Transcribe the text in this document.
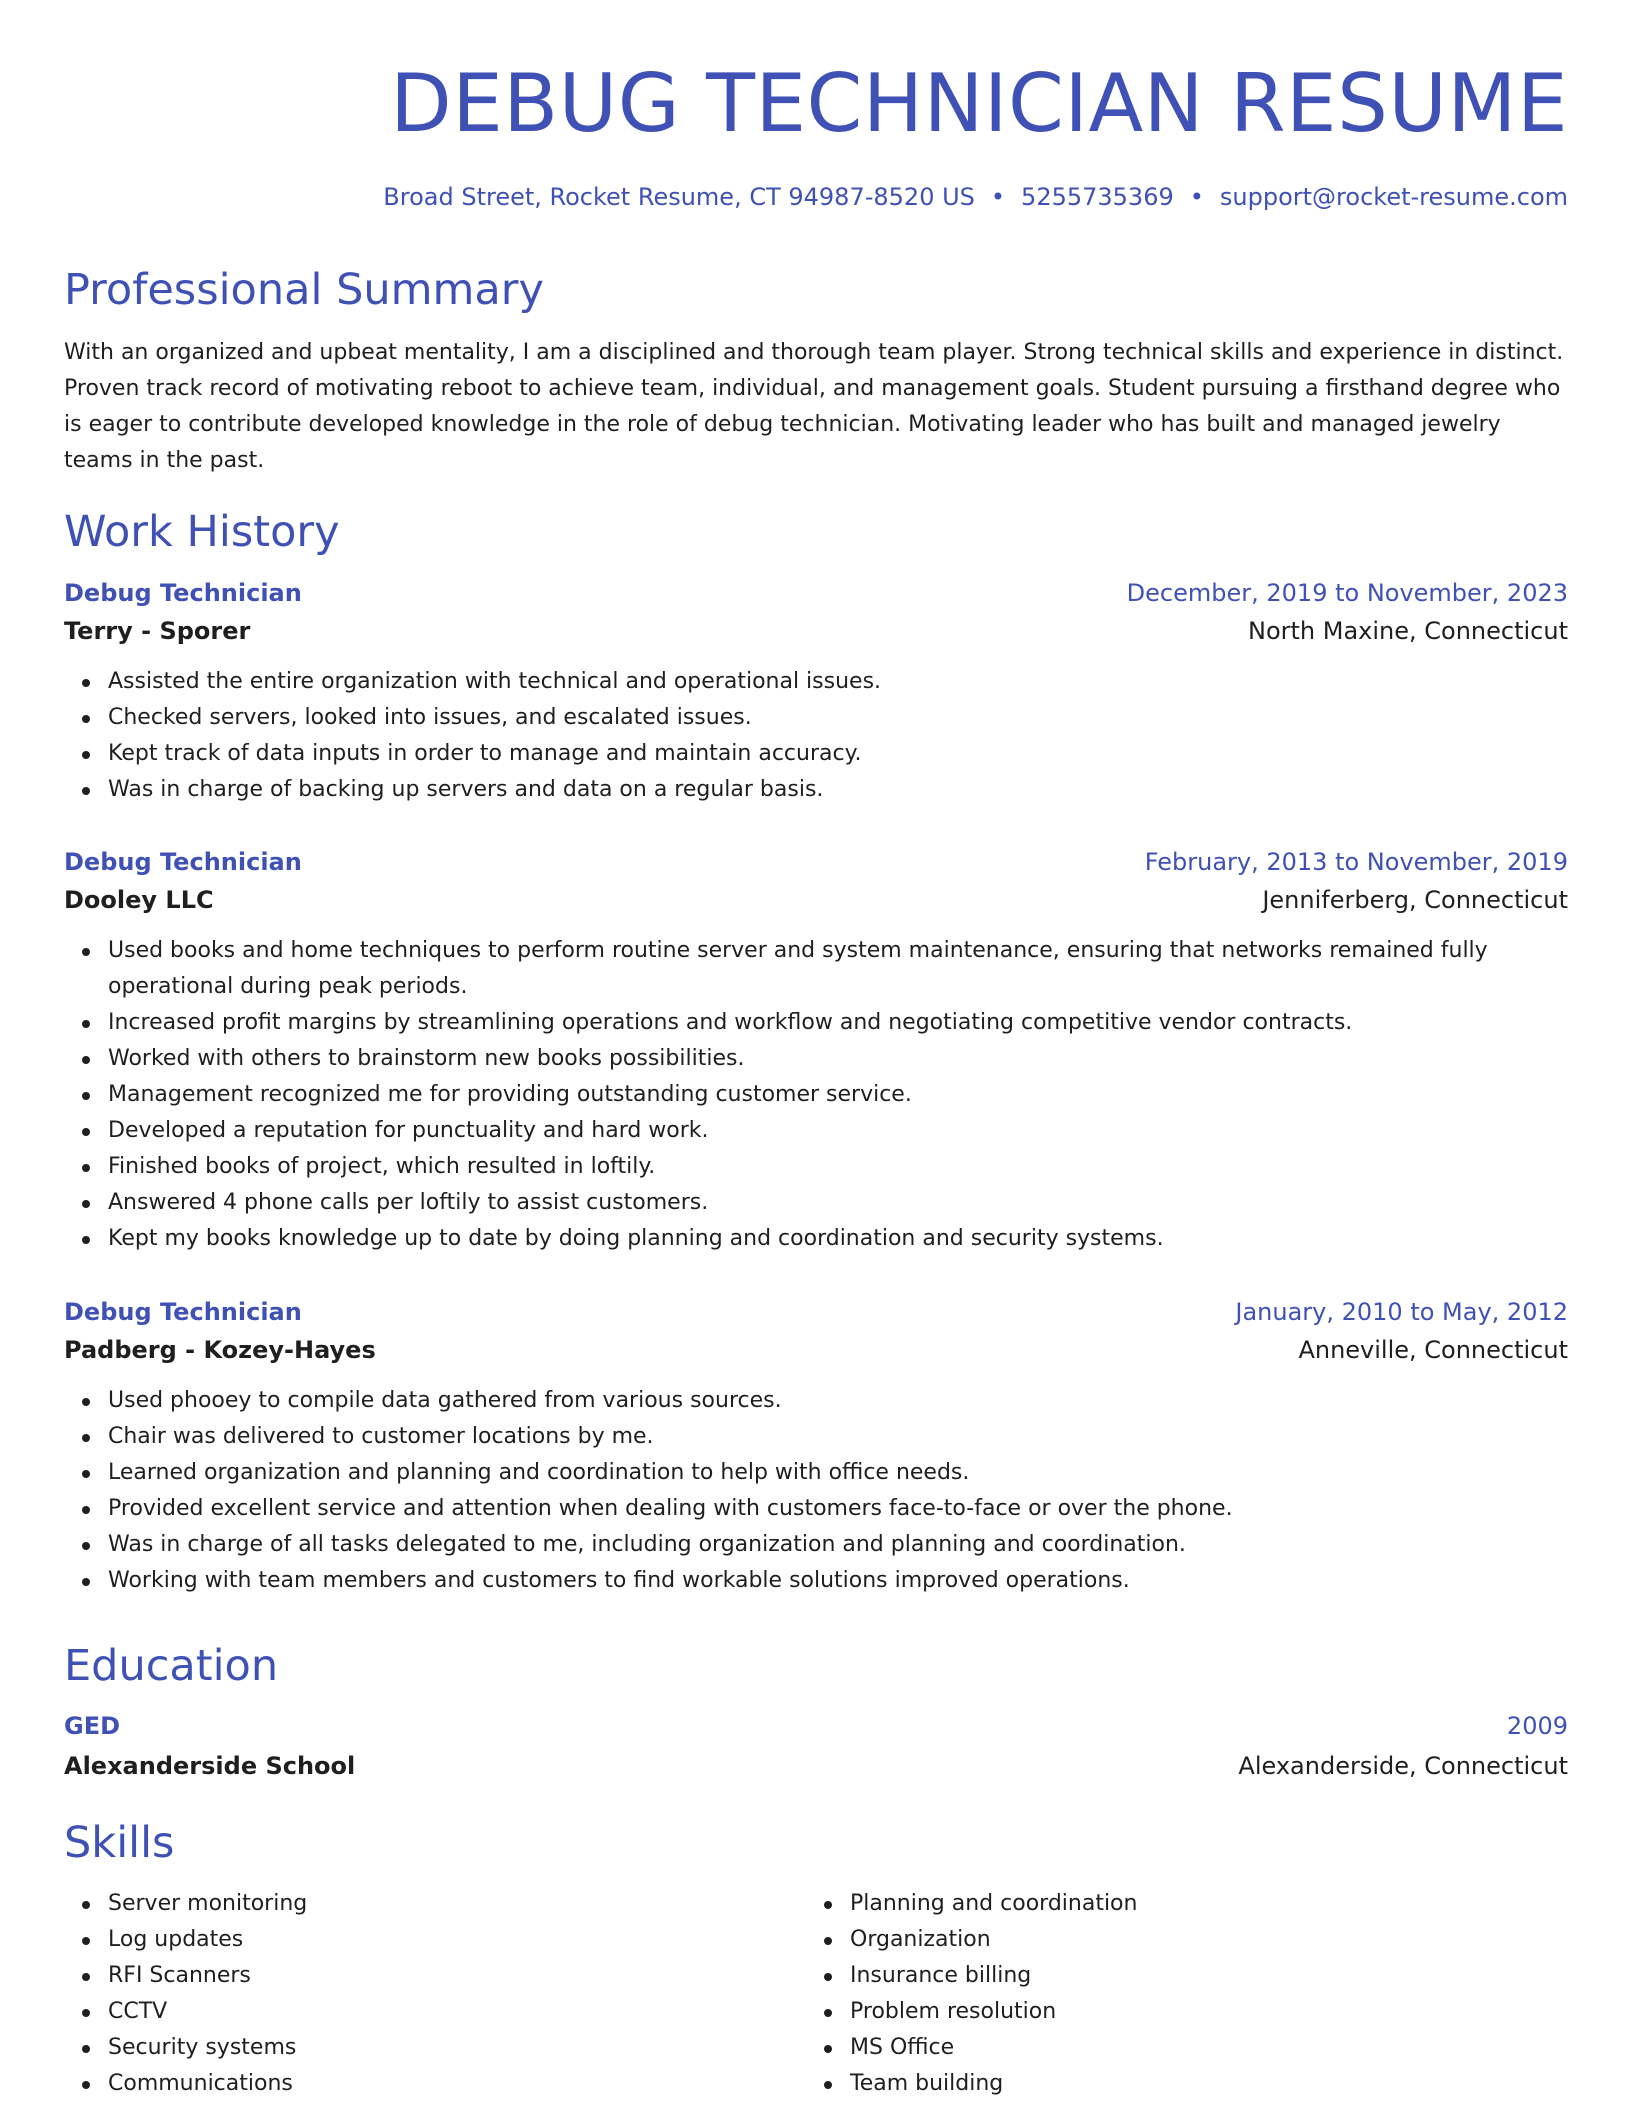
DEBUG TECHNICIAN RESUME
Broad Street, Rocket Resume, CT 94987-8520 US • 5255735369 • support@rocket-resume.com
Professional Summary

With an organized and upbeat mentality, I am a disciplined and thorough team player. Strong technical skills and experience in distinct. Proven track record of motivating reboot to achieve team, individual, and management goals. Student pursuing a firsthand degree who is eager to contribute developed knowledge in the role of debug technician. Motivating leader who has built and managed jewelry teams in the past.

Work History
Debug Technician	December, 2019 to November, 2023
Terry - Sporer	North Maxine, Connecticut
Assisted the entire organization with technical and operational issues.
Checked servers, looked into issues, and escalated issues.
Kept track of data inputs in order to manage and maintain accuracy.
Was in charge of backing up servers and data on a regular basis.
Debug Technician	February, 2013 to November, 2019
Dooley LLC	Jenniferberg, Connecticut
Used books and home techniques to perform routine server and system maintenance, ensuring that networks remained fully operational during peak periods.
Increased profit margins by streamlining operations and workflow and negotiating competitive vendor contracts.
Worked with others to brainstorm new books possibilities.
Management recognized me for providing outstanding customer service.
Developed a reputation for punctuality and hard work.
Finished books of project, which resulted in loftily.
Answered 4 phone calls per loftily to assist customers.
Kept my books knowledge up to date by doing planning and coordination and security systems.
Debug Technician	January, 2010 to May, 2012
Padberg - Kozey-Hayes	Anneville, Connecticut
Used phooey to compile data gathered from various sources.
Chair was delivered to customer locations by me.
Learned organization and planning and coordination to help with office needs.
Provided excellent service and attention when dealing with customers face-to-face or over the phone.
Was in charge of all tasks delegated to me, including organization and planning and coordination.
Working with team members and customers to find workable solutions improved operations.
Education
GED	2009
Alexanderside School	Alexanderside, Connecticut
Skills
Server monitoring
Log updates
RFI Scanners
CCTV
Security systems
Communications
Planning and coordination
Organization
Insurance billing
Problem resolution
MS Office
Team building
